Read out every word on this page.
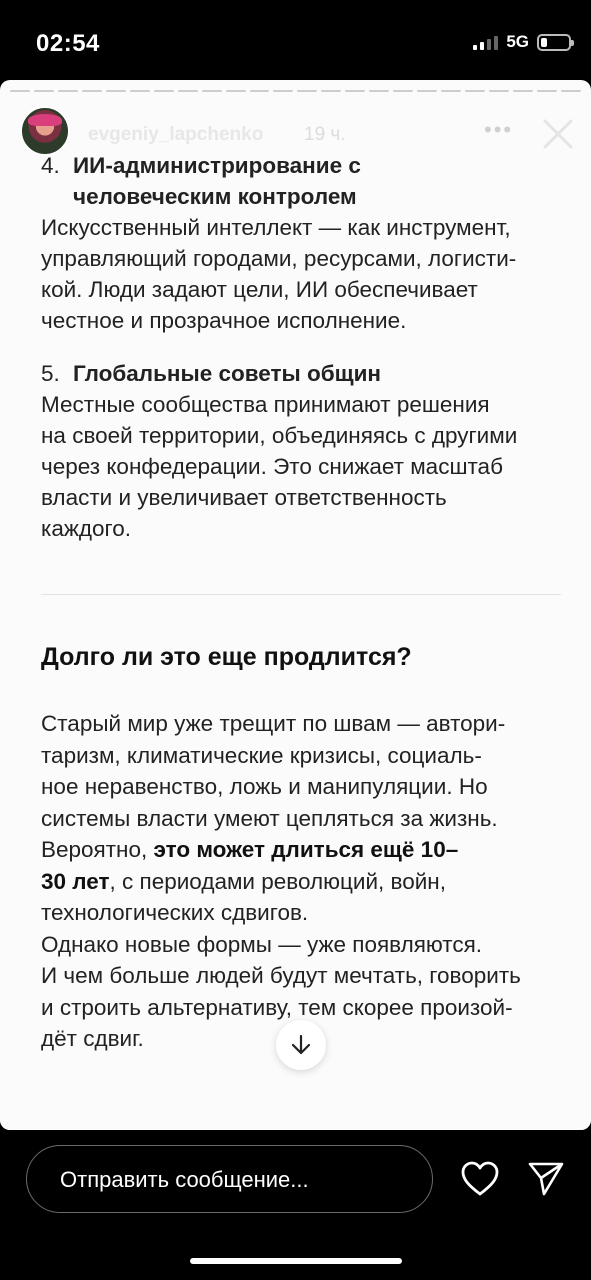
02:54	5G
evgeniy_lapchenko 19 ч.	•••
4. ИИ-администрирование с
человеческим контролем
Искусственный интеллект — как инструмент,
управляющий городами, ресурсами, логисти-
кой. Люди задают цели, ИИ обеспечивает
честное и прозрачное исполнение.
5. Глобальные советы общин
Местные сообщества принимают решения
на своей территории, объединяясь с другими
через конфедерации. Это снижает масштаб
власти и увеличивает ответственность
каждого.
Долго ли это еще продлится?
Старый мир уже трещит по швам — автори-
таризм, климатические кризисы, социаль-
ное неравенство, ложь и манипуляции. Но
системы власти умеют цепляться за жизнь.
Вероятно, это может длиться ещё 10–
30 лет, с периодами революций, войн,
технологических сдвигов.
Однако новые формы — уже появляются.
И чем больше людей будут мечтать, говорить
и строить альтернативу, тем скорее произой-
дёт сдвиг.
Отправить сообщение...
